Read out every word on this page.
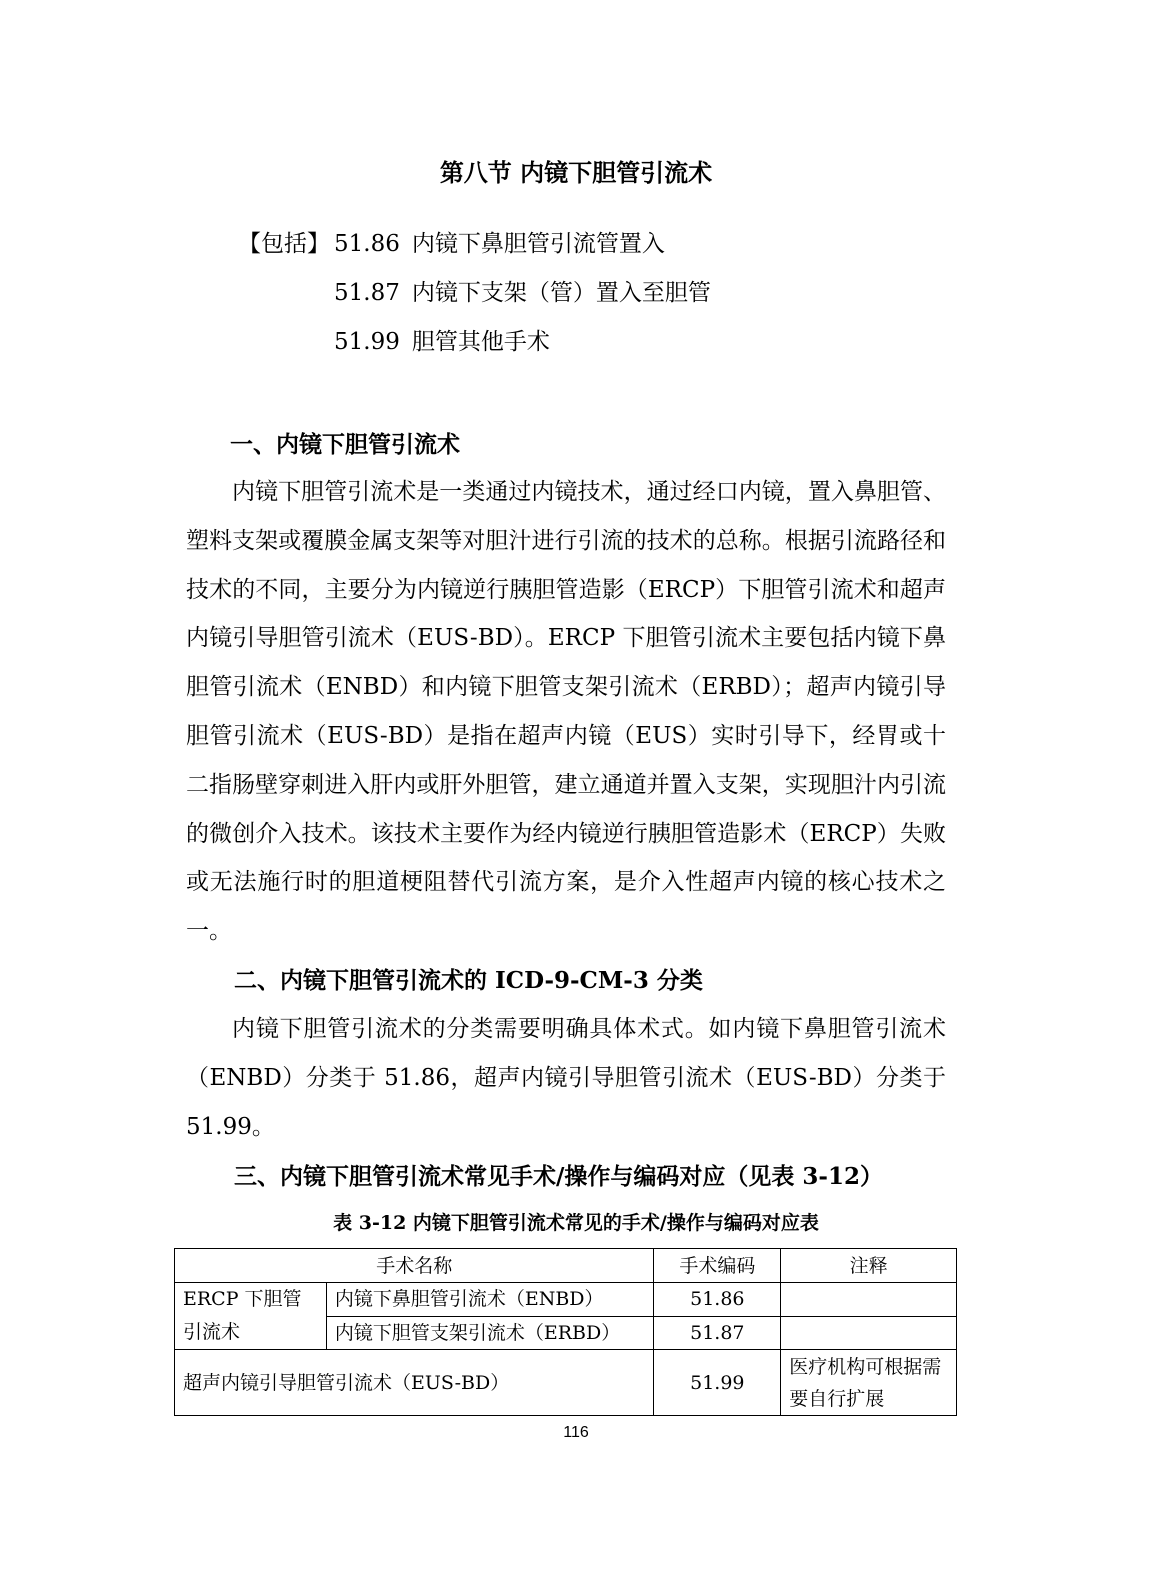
第八节 内镜下胆管引流术
【包括】 51.86 内镜下鼻胆管引流管置入
51.87 内镜下支架（管）置入至胆管
51.99 胆管其他手术
一、内镜下胆管引流术
内镜下胆管引流术是一类通过内镜技术，通过经口内镜，置入鼻胆管、塑料支架或覆膜金属支架等对胆汁进行引流的技术的总称。根据引流路径和技术的不同，主要分为内镜逆行胰胆管造影（ERCP）下胆管引流术和超声内镜引导胆管引流术（EUS-BD）。ERCP 下胆管引流术主要包括内镜下鼻胆管引流术（ENBD）和内镜下胆管支架引流术（ERBD）；超声内镜引导胆管引流术（EUS-BD）是指在超声内镜（EUS）实时引导下，经胃或十二指肠壁穿刺进入肝内或肝外胆管，建立通道并置入支架，实现胆汁内引流的微创介入技术。该技术主要作为经内镜逆行胰胆管造影术（ERCP）失败或无法施行时的胆道梗阻替代引流方案，是介入性超声内镜的核心技术之一。
二、内镜下胆管引流术的 ICD-9-CM-3 分类
内镜下胆管引流术的分类需要明确具体术式。如内镜下鼻胆管引流术（ENBD）分类于 51.86，超声内镜引导胆管引流术（EUS-BD）分类于 51.99。
三、内镜下胆管引流术常见手术/操作与编码对应（见表 3-12）
表 3-12 内镜下胆管引流术常见的手术/操作与编码对应表
手术名称		手术编码	注释
ERCP 下胆管引流术	内镜下鼻胆管引流术（ENBD）	51.86	
	内镜下胆管支架引流术（ERBD）	51.87	
超声内镜引导胆管引流术（EUS-BD）		51.99	医疗机构可根据需要自行扩展
116
